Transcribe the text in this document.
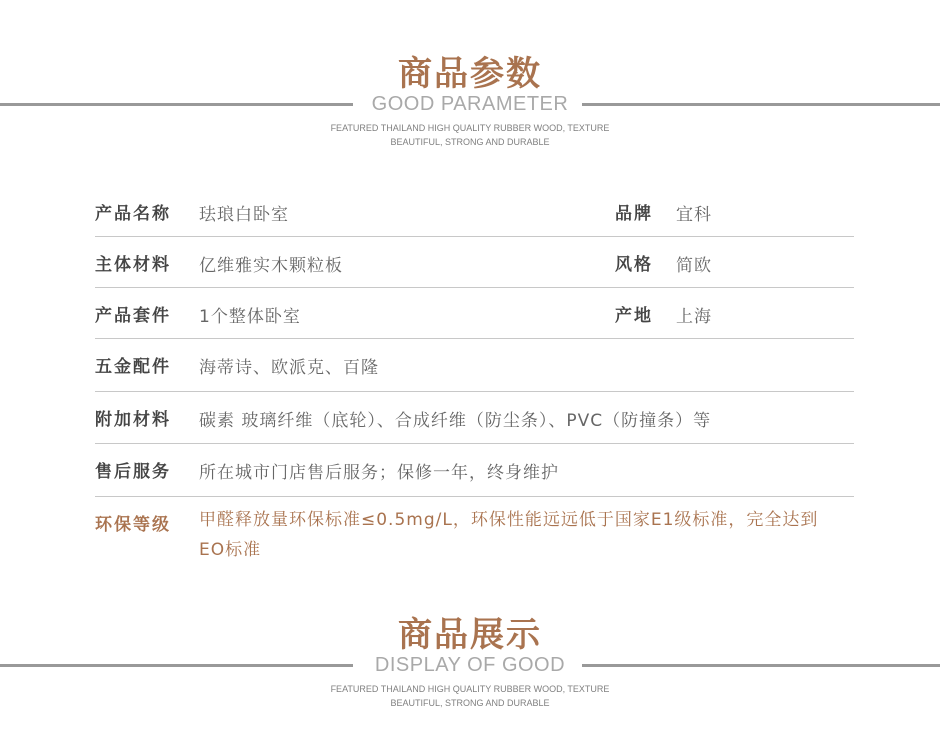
商品参数
GOOD PARAMETER
FEATURED THAILAND HIGH QUALITY RUBBER WOOD, TEXTURE
BEAUTIFUL, STRONG AND DURABLE
产品名称 珐琅白卧室	品牌 宜科
主体材料 亿维雅实木颗粒板	风格 简欧
产品套件 1个整体卧室	产地 上海
五金配件 海蒂诗、欧派克、百隆
附加材料 碳素 玻璃纤维（底轮）、合成纤维（防尘条）、PVC（防撞条）等
售后服务 所在城市门店售后服务；保修一年，终身维护
环保等级 甲醛释放量环保标准≤0.5mg/L，环保性能远远低于国家E1级标准，完全达到EO标准
商品展示
DISPLAY OF GOOD
FEATURED THAILAND HIGH QUALITY RUBBER WOOD, TEXTURE
BEAUTIFUL, STRONG AND DURABLE
